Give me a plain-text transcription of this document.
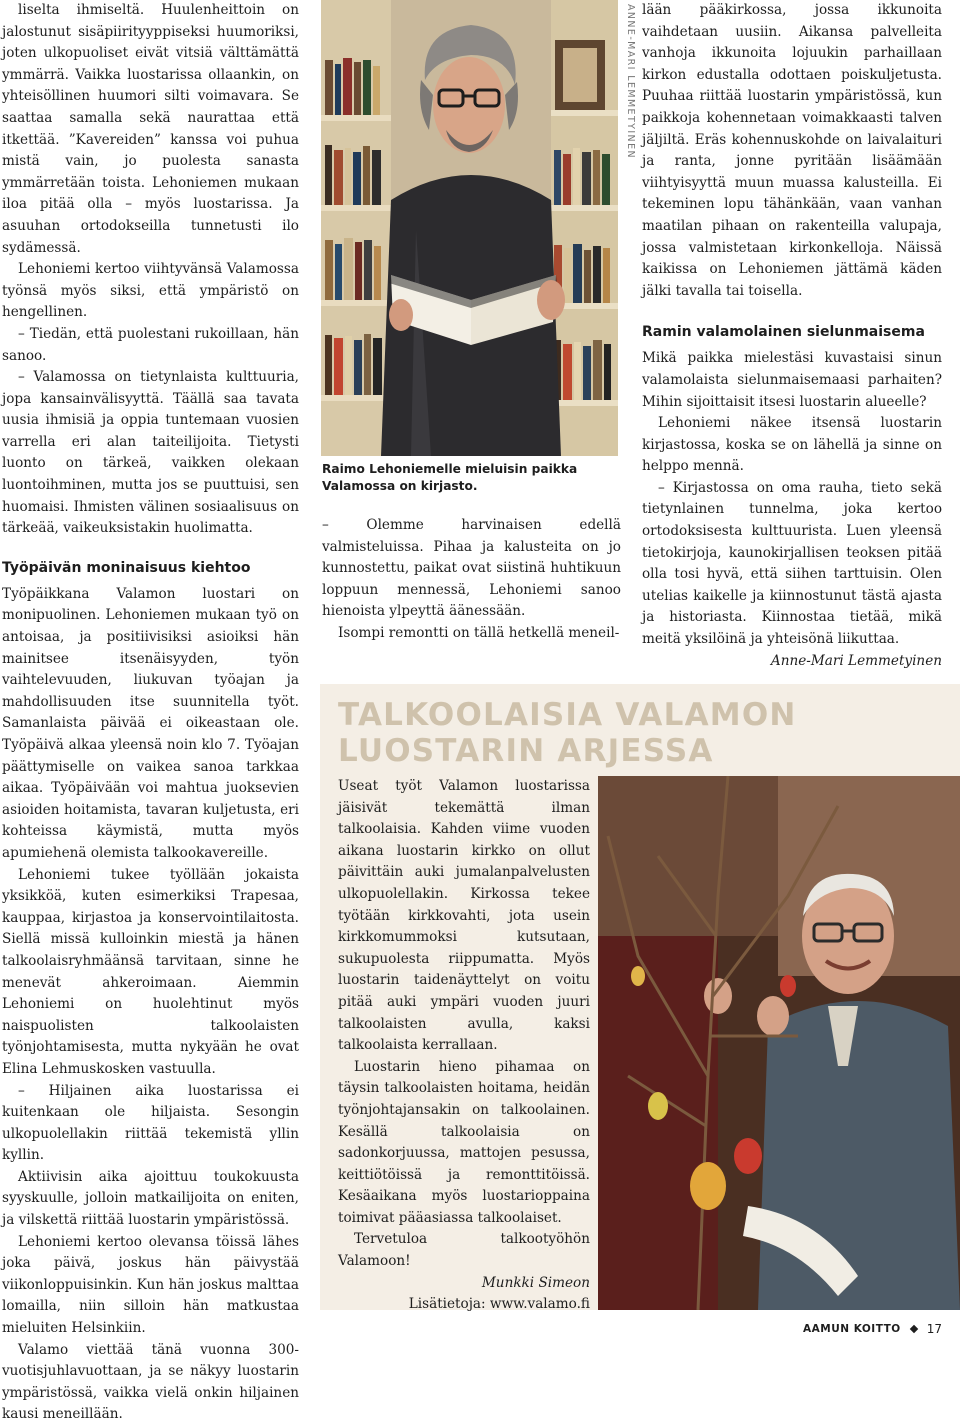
liselta ihmiseltä. Huulenheittoin on jalostunut sisäpiirityyppiseksi huumoriksi, joten ulkopuoliset eivät vitsiä välttämättä ymmärrä. Vaikka luostarissa ollaankin, on yhteisöllinen huumori silti voimavara. Se saattaa samalla sekä naurattaa että itkettää. ”Kavereiden” kanssa voi puhua mistä vain, jo puolesta sanasta ymmärretään toista. Lehoniemen mukaan iloa pitää olla – myös luostarissa. Ja asuuhan ortodokseilla tunnetusti ilo sydämessä.

Lehoniemi kertoo viihtyvänsä Valamossa työnsä myös siksi, että ympäristö on hengellinen.

– Tiedän, että puolestani rukoillaan, hän sanoo.

– Valamossa on tietynlaista kulttuuria, jopa kansainvälisyyttä. Täällä saa tavata uusia ihmisiä ja oppia tuntemaan vuosien varrella eri alan taiteilijoita. Tietysti luonto on tärkeä, vaikken olekaan luontoihminen, mutta jos se puuttuisi, sen huomaisi. Ihmisten välinen sosiaalisuus on tärkeää, vaikeuksistakin huolimatta.

Työpäivän moninaisuus kiehtoo

Työpäikkana Valamon luostari on monipuolinen. Lehoniemen mukaan työ on antoisaa, ja positiivisiksi asioiksi hän mainitsee itsenäisyyden, työn vaihtelevuuden, liukuvan työajan ja mahdollisuuden itse suunnitella työt. Samanlaista päivää ei oikeastaan ole. Työpäivä alkaa yleensä noin klo 7. Työajan päättymiselle on vaikea sanoa tarkkaa aikaa. Työpäivään voi mahtua juoksevien asioiden hoitamista, tavaran kuljetusta, eri kohteissa käymistä, mutta myös apumiehenä olemista talkookavereille.

Lehoniemi tukee työllään jokaista yksikköä, kuten esimerkiksi Trapesaa, kauppaa, kirjastoa ja konservointilaitosta. Siellä missä kulloinkin miestä ja hänen talkoolaisryhmäänsä tarvitaan, sinne he menevät ahkeroimaan. Aiemmin Lehoniemi on huolehtinut myös naispuolisten talkoolaisten työnjohtamisesta, mutta nykyään he ovat Elina Lehmuskosken vastuulla.

– Hiljainen aika luostarissa ei kuitenkaan ole hiljaista. Sesongin ulkopuolellakin riittää tekemistä yllin kyllin.

Aktiivisin aika ajoittuu toukokuusta syyskuulle, jolloin matkailijoita on eniten, ja vilskettä riittää luostarin ympäristössä.

Lehoniemi kertoo olevansa töissä lähes joka päivä, joskus hän päivystää viikonloppuisinkin. Kun hän joskus malttaa lomailla, niin silloin hän matkustaa mieluiten Helsinkiin.

Valamo viettää tänä vuonna 300-vuotisjuhlavuottaan, ja se näkyy luostarin ympäristössä, vaikka vielä onkin hiljainen kausi meneillään.

ANNE-MARI LEMMETYINEN
Raimo Lehoniemelle mieluisin paikka Valamossa on kirjasto.

– Olemme harvinaisen edellä valmisteluissa. Pihaa ja kalusteita on jo kunnostettu, paikat ovat siistinä huhtikuun loppuun mennessä, Lehoniemi sanoo hienoista ylpeyttä äänessään.

Isompi remontti on tällä hetkellä meneil-

lään pääkirkossa, jossa ikkunoita vaihdetaan uusiin. Aikansa palvelleita vanhoja ikkunoita lojuukin parhaillaan kirkon edustalla odottaen poiskuljetusta. Puuhaa riittää luostarin ympäristössä, kun paikkoja kohennetaan voimakkaasti talven jäljiltä. Eräs kohennuskohde on laivalaituri ja ranta, jonne pyritään lisäämään viihtyisyyttä muun muassa kalusteilla. Ei tekeminen lopu tähänkään, vaan vanhan maatilan pihaan on rakenteilla valupaja, jossa valmistetaan kirkonkelloja. Näissä kaikissa on Lehoniemen jättämä käden jälki tavalla tai toisella.

Ramin valamolainen sielunmaisema

Mikä paikka mielestäsi kuvastaisi sinun valamolaista sielunmaisemaasi parhaiten? Mihin sijoittaisit itsesi luostarin alueelle?

Lehoniemi näkee itsensä luostarin kirjastossa, koska se on lähellä ja sinne on helppo mennä.

– Kirjastossa on oma rauha, tieto sekä tietynlainen tunnelma, joka kertoo ortodoksisesta kulttuurista. Luen yleensä tietokirjoja, kaunokirjallisen teoksen pitää olla tosi hyvä, että siihen tarttuisin. Olen utelias kaikelle ja kiinnostunut tästä ajasta ja historiasta. Kiinnostaa tietää, mikä meitä yksilöinä ja yhteisönä liikuttaa.

Anne-Mari Lemmetyinen

TALKOOLAISIA VALAMON LUOSTARIN ARJESSA

Useat työt Valamon luostarissa jäisivät tekemättä ilman talkoolaisia. Kahden viime vuoden aikana luostarin kirkko on ollut päivittäin auki jumalanpalvelusten ulkopuolellakin. Kirkossa tekee työtään kirkkovahti, jota usein kirkkomummoksi kutsutaan, sukupuolesta riippumatta. Myös luostarin taidenäyttelyt on voitu pitää auki ympäri vuoden juuri talkoolaisten avulla, kaksi talkoolaista kerrallaan.

Luostarin hieno pihamaa on täysin talkoolaisten hoitama, heidän työnjohtajansakin on talkoolainen. Kesällä talkoolaisia on sadonkorjuussa, mattojen pesussa, keittiötöissä ja remonttitöissä. Kesäaikana myös luostarioppaina toimivat pääasiassa talkoolaiset.

Tervetuloa talkootyöhön Valamoon!

Munkki Simeon

Lisätietoja: www.valamo.fi

AAMUN KOITTO 17
